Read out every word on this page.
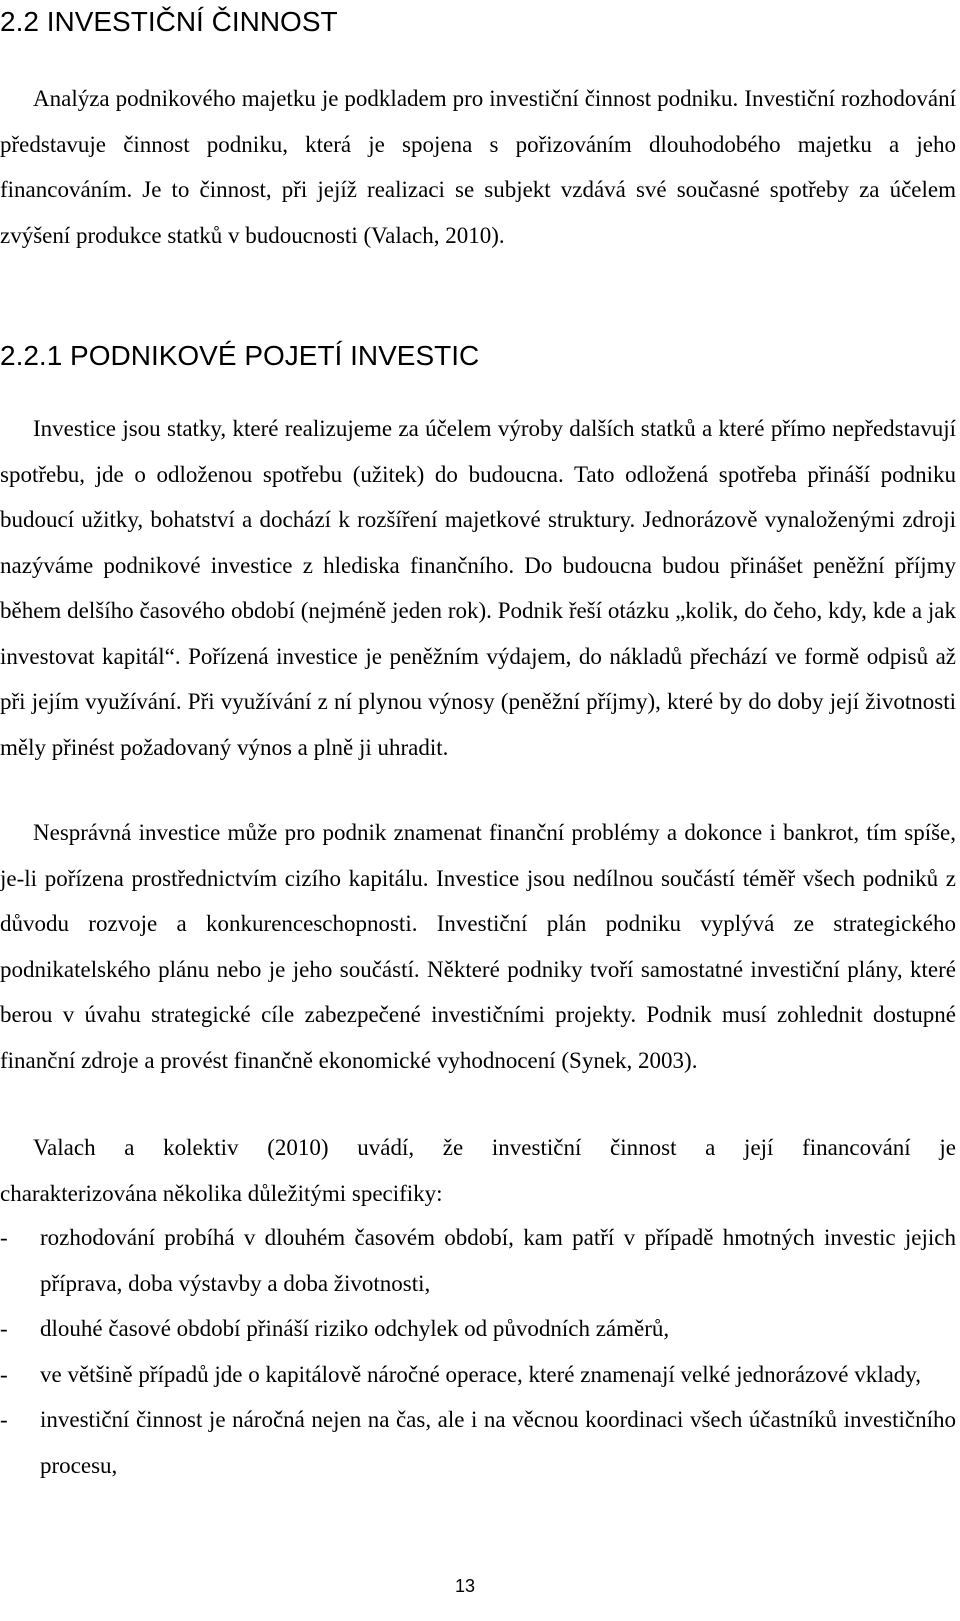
2.2 INVESTIČNÍ ČINNOST

Analýza podnikového majetku je podkladem pro investiční činnost podniku. Investiční rozhodování představuje činnost podniku, která je spojena s pořizováním dlouhodobého majetku a jeho financováním. Je to činnost, při jejíž realizaci se subjekt vzdává své současné spotřeby za účelem zvýšení produkce statků v budoucnosti (Valach, 2010).

2.2.1 PODNIKOVÉ POJETÍ INVESTIC

Investice jsou statky, které realizujeme za účelem výroby dalších statků a které přímo nepředstavují spotřebu, jde o odloženou spotřebu (užitek) do budoucna. Tato odložená spotřeba přináší podniku budoucí užitky, bohatství a dochází k rozšíření majetkové struktury. Jednorázově vynaloženými zdroji nazýváme podnikové investice z hlediska finančního. Do budoucna budou přinášet peněžní příjmy během delšího časového období (nejméně jeden rok). Podnik řeší otázku „kolik, do čeho, kdy, kde a jak investovat kapitál“. Pořízená investice je peněžním výdajem, do nákladů přechází ve formě odpisů až při jejím využívání. Při využívání z ní plynou výnosy (peněžní příjmy), které by do doby její životnosti měly přinést požadovaný výnos a plně ji uhradit.

Nesprávná investice může pro podnik znamenat finanční problémy a dokonce i bankrot, tím spíše, je-li pořízena prostřednictvím cizího kapitálu. Investice jsou nedílnou součástí téměř všech podniků z důvodu rozvoje a konkurenceschopnosti. Investiční plán podniku vyplývá ze strategického podnikatelského plánu nebo je jeho součástí. Některé podniky tvoří samostatné investiční plány, které berou v úvahu strategické cíle zabezpečené investičními projekty. Podnik musí zohlednit dostupné finanční zdroje a provést finančně ekonomické vyhodnocení (Synek, 2003).

Valach a kolektiv (2010) uvádí, že investiční činnost a její financování je
charakterizována několika důležitými specifiky:

- rozhodování probíhá v dlouhém časovém období, kam patří v případě hmotných investic jejich příprava, doba výstavby a doba životnosti,
- dlouhé časové období přináší riziko odchylek od původních záměrů,
- ve většině případů jde o kapitálově náročné operace, které znamenají velké jednorázové vklady,
- investiční činnost je náročná nejen na čas, ale i na věcnou koordinaci všech účastníků investičního procesu,
13
